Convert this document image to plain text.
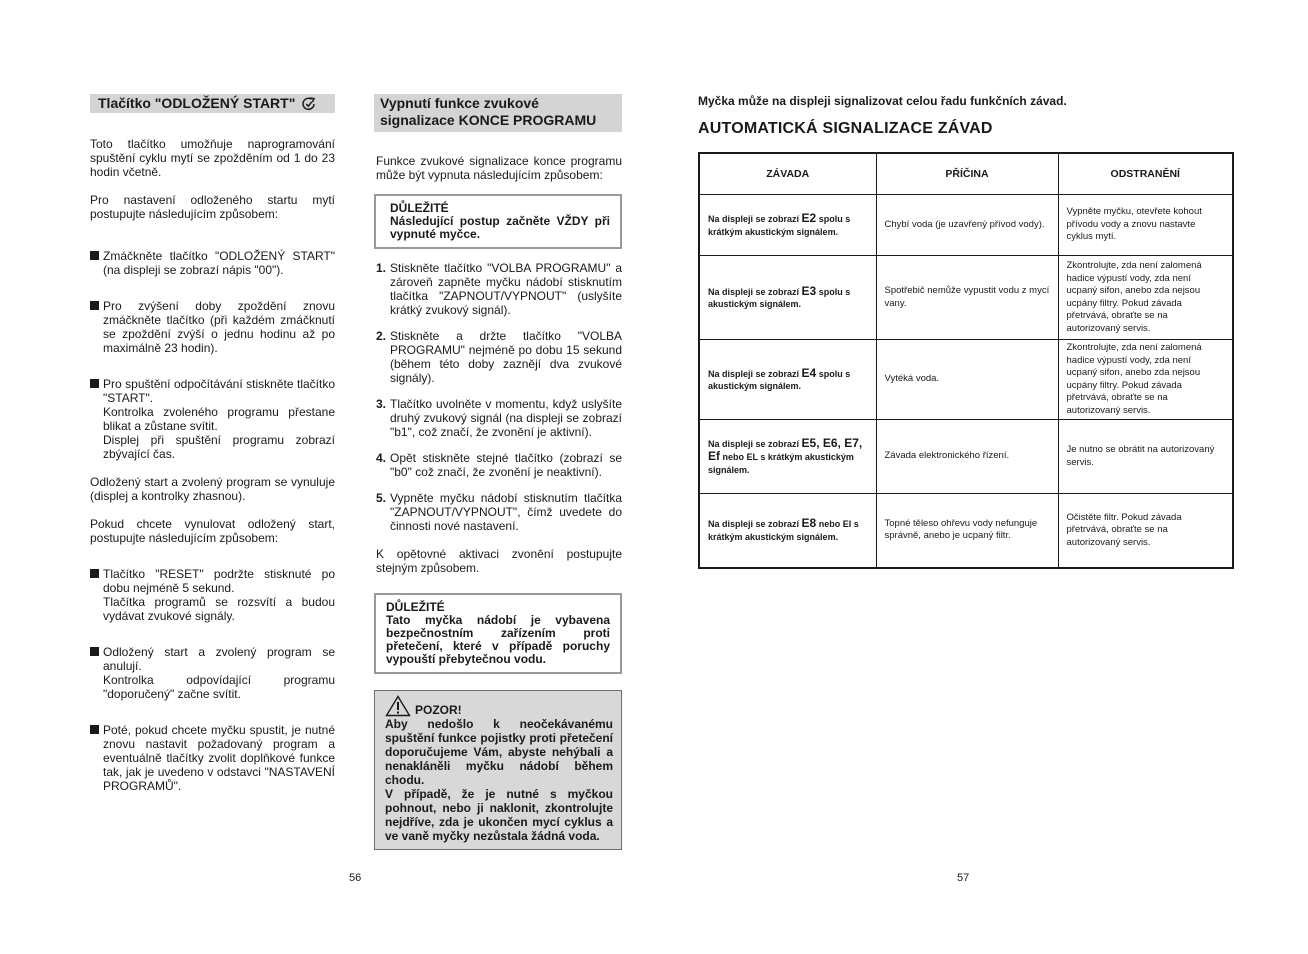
Tlačítko "ODLOŽENÝ START"

Toto tlačítko umožňuje naprogramování spuštění cyklu mytí se zpožděním od 1 do 23 hodin včetně.

Pro nastavení odloženého startu mytí postupujte následujícím způsobem:

Zmáčkněte tlačítko "ODLOŽENÝ START" (na displeji se zobrazí nápis "00").
Pro zvýšení doby zpoždění znovu zmáčkněte tlačítko (při každém zmáčknutí se zpoždění zvýší o jednu hodinu až po maximálně 23 hodin).
Pro spuštění odpočítávání stiskněte tlačítko "START".
Kontrolka zvoleného programu přestane blikat a zůstane svítit.
Displej při spuštění programu zobrazí zbývající čas.

Odložený start a zvolený program se vynuluje (displej a kontrolky zhasnou).

Pokud chcete vynulovat odložený start, postupujte následujícím způsobem:

Tlačítko "RESET" podržte stisknuté po dobu nejméně 5 sekund.
Tlačítka programů se rozsvítí a budou vydávat zvukové signály.
Odložený start a zvolený program se anulují.
Kontrolka odpovídající programu "doporučený" začne svítit.
Poté, pokud chcete myčku spustit, je nutné znovu nastavit požadovaný program a eventuálně tlačítky zvolit doplňkové funkce tak, jak je uvedeno v odstavci "NASTAVENÍ PROGRAMŮ".
Vypnutí funkce zvukové signalizace KONCE PROGRAMU

Funkce zvukové signalizace konce programu může být vypnuta následujícím způsobem:

DŮLEŽITÉ
Následující postup začněte VŽDY při vypnuté myčce.
1. Stiskněte tlačítko "VOLBA PROGRAMU" a zároveň zapněte myčku nádobí stisknutím tlačítka "ZAPNOUT/VYPNOUT" (uslyšíte krátký zvukový signál).
2. Stiskněte a držte tlačítko "VOLBA PROGRAMU" nejméně po dobu 15 sekund (během této doby zaznějí dva zvukové signály).
3. Tlačítko uvolněte v momentu, když uslyšíte druhý zvukový signál (na displeji se zobrazí "b1", což značí, že zvonění je aktivní).
4. Opět stiskněte stejné tlačítko (zobrazí se "b0" což značí, že zvonění je neaktivní).
5. Vypněte myčku nádobí stisknutím tlačítka "ZAPNOUT/VYPNOUT", čímž uvedete do činnosti nové nastavení.

K opětovné aktivaci zvonění postupujte stejným způsobem.

DŮLEŽITÉ
Tato myčka nádobí je vybavena bezpečnostním zařízením proti přetečení, které v případě poruchy vypouští přebytečnou vodu.
POZOR!
Aby nedošlo k neočekávanému spuštění funkce pojistky proti přetečení doporučujeme Vám, abyste nehýbali a nenakláněli myčku nádobí během chodu.
V případě, že je nutné s myčkou pohnout, nebo ji naklonit, zkontrolujte nejdříve, zda je ukončen mycí cyklus a ve vaně myčky nezůstala žádná voda.
Myčka může na displeji signalizovat celou řadu funkčních závad.
AUTOMATICKÁ SIGNALIZACE ZÁVAD
ZÁVADA	PŘÍČINA	ODSTRANĚNÍ
Na displeji se zobrazí E2 spolu s krátkým akustickým signálem.	Chybí voda (je uzavřený přívod vody).	Vypněte myčku, otevřete kohout přívodu vody a znovu nastavte cyklus mytí.
Na displeji se zobrazí E3 spolu s akustickým signálem.	Spotřebič nemůže vypustit vodu z mycí vany.	Zkontrolujte, zda není zalomená hadice výpustí vody, zda není ucpaný sifon, anebo zda nejsou ucpány filtry. Pokud závada přetrvává, obraťte se na autorizovaný servis.
Na displeji se zobrazí E4 spolu s akustickým signálem.	Vytéká voda.	Zkontrolujte, zda není zalomená hadice výpustí vody, zda není ucpaný sifon, anebo zda nejsou ucpány filtry. Pokud závada přetrvává, obraťte se na autorizovaný servis.
Na displeji se zobrazí E5, E6, E7, Ef nebo EL s krátkým akustickým signálem.	Závada elektronického řízení.	Je nutno se obrátit na autorizovaný servis.
Na displeji se zobrazí E8 nebo EI s krátkým akustickým signálem.	Topné těleso ohřevu vody nefunguje správně, anebo je ucpaný filtr.	Očistěte filtr. Pokud závada přetrvává, obraťte se na autorizovaný servis.
56	57
